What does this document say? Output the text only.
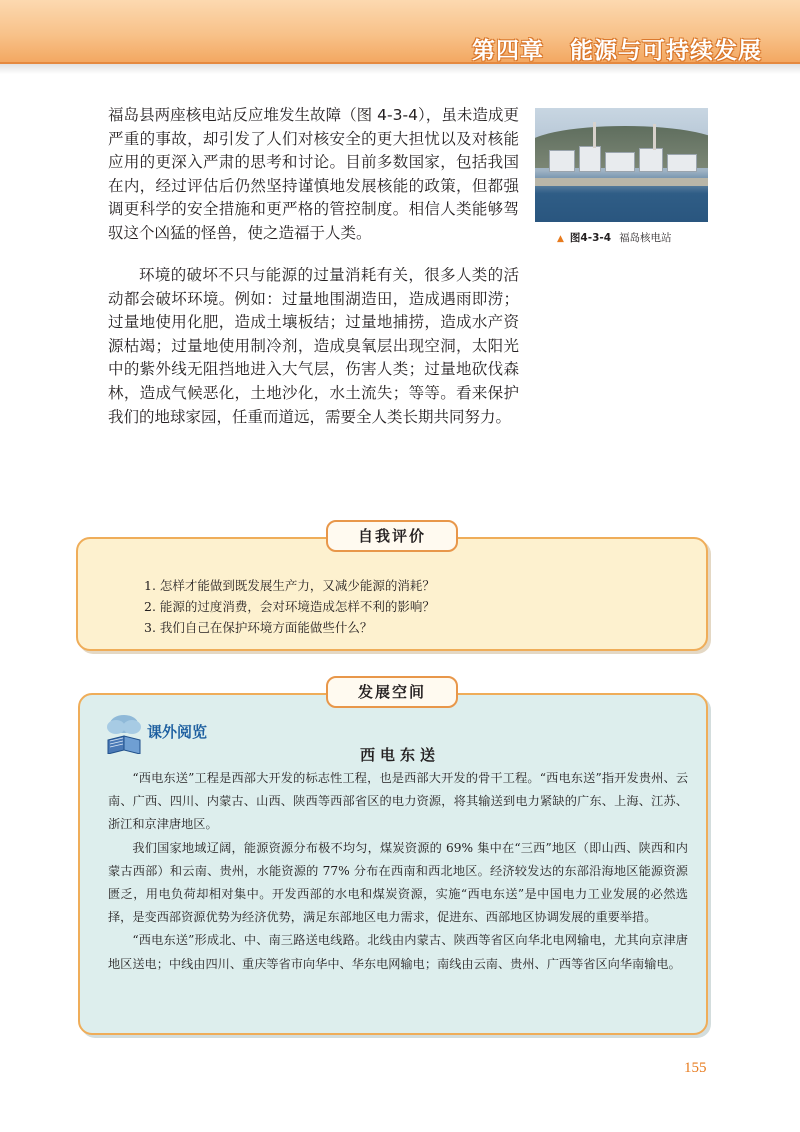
第四章 能源与可持续发展

福岛县两座核电站反应堆发生故障（图 4-3-4），虽未造成更严重的事故，却引发了人们对核安全的更大担忧以及对核能应用的更深入严肃的思考和讨论。目前多数国家，包括我国在内，经过评估后仍然坚持谨慎地发展核能的政策，但都强调更科学的安全措施和更严格的管控制度。相信人类能够驾驭这个凶猛的怪兽，使之造福于人类。

环境的破坏不只与能源的过量消耗有关，很多人类的活动都会破坏环境。例如：过量地围湖造田，造成遇雨即涝；过量地使用化肥，造成土壤板结；过量地捕捞，造成水产资源枯竭；过量地使用制冷剂，造成臭氧层出现空洞，太阳光中的紫外线无阻挡地进入大气层，伤害人类；过量地砍伐森林，造成气候恶化，土地沙化，水土流失；等等。看来保护我们的地球家园，任重而道远，需要全人类长期共同努力。

▲ 图4-3-4 福岛核电站
自我评价
1. 怎样才能做到既发展生产力，又减少能源的消耗？
2. 能源的过度消费，会对环境造成怎样不利的影响？
3. 我们自己在保护环境方面能做些什么？
发展空间
课外阅览
西电东送

“西电东送”工程是西部大开发的标志性工程，也是西部大开发的骨干工程。“西电东送”指开发贵州、云南、广西、四川、内蒙古、山西、陕西等西部省区的电力资源，将其输送到电力紧缺的广东、上海、江苏、浙江和京津唐地区。

我们国家地域辽阔，能源资源分布极不均匀，煤炭资源的 69% 集中在“三西”地区（即山西、陕西和内蒙古西部）和云南、贵州，水能资源的 77% 分布在西南和西北地区。经济较发达的东部沿海地区能源资源匮乏，用电负荷却相对集中。开发西部的水电和煤炭资源，实施“西电东送”是中国电力工业发展的必然选择，是变西部资源优势为经济优势，满足东部地区电力需求，促进东、西部地区协调发展的重要举措。

“西电东送”形成北、中、南三路送电线路。北线由内蒙古、陕西等省区向华北电网输电，尤其向京津唐地区送电；中线由四川、重庆等省市向华中、华东电网输电；南线由云南、贵州、广西等省区向华南输电。

155
